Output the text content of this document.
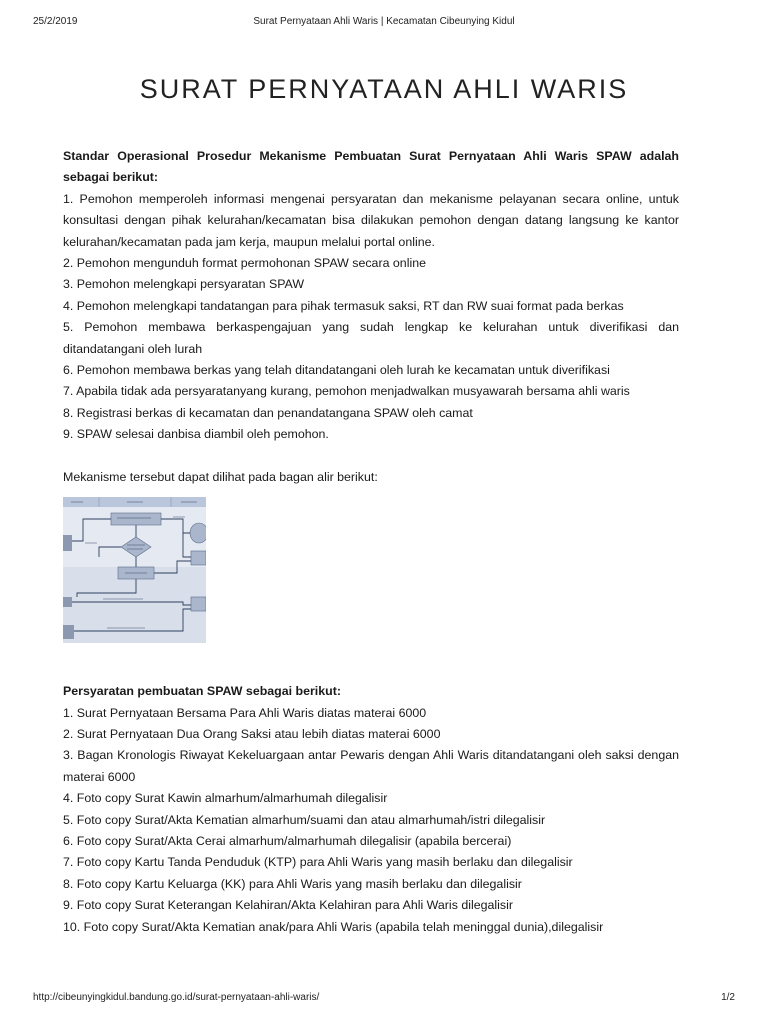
25/2/2019	Surat Pernyataan Ahli Waris | Kecamatan Cibeunying Kidul
SURAT PERNYATAAN AHLI WARIS

Standar Operasional Prosedur Mekanisme Pembuatan Surat Pernyataan Ahli Waris SPAW adalah sebagai berikut:

1. Pemohon memperoleh informasi mengenai persyaratan dan mekanisme pelayanan secara online, untuk konsultasi dengan pihak kelurahan/kecamatan bisa dilakukan pemohon dengan datang langsung ke kantor kelurahan/kecamatan pada jam kerja, maupun melalui portal online.

2. Pemohon mengunduh format permohonan SPAW secara online

3. Pemohon melengkapi persyaratan SPAW

4. Pemohon melengkapi tandatangan para pihak termasuk saksi, RT dan RW suai format pada berkas

5. Pemohon membawa berkaspengajuan yang sudah lengkap ke kelurahan untuk diverifikasi dan ditandatangani oleh lurah

6. Pemohon membawa berkas yang telah ditandatangani oleh lurah ke kecamatan untuk diverifikasi

7. Apabila tidak ada persyaratanyang kurang, pemohon menjadwalkan musyawarah bersama ahli waris

8. Registrasi berkas di kecamatan dan penandatangana SPAW oleh camat

9. SPAW selesai danbisa diambil oleh pemohon.

Mekanisme tersebut dapat dilihat pada bagan alir berikut:

Persyaratan pembuatan SPAW sebagai berikut:

1. Surat Pernyataan Bersama Para Ahli Waris diatas materai 6000

2. Surat Pernyataan Dua Orang Saksi atau lebih diatas materai 6000

3. Bagan Kronologis Riwayat Kekeluargaan antar Pewaris dengan Ahli Waris ditandatangani oleh saksi dengan materai 6000

4. Foto copy Surat Kawin almarhum/almarhumah dilegalisir

5. Foto copy Surat/Akta Kematian almarhum/suami dan atau almarhumah/istri dilegalisir

6. Foto copy Surat/Akta Cerai almarhum/almarhumah dilegalisir (apabila bercerai)

7. Foto copy Kartu Tanda Penduduk (KTP) para Ahli Waris yang masih berlaku dan dilegalisir

8. Foto copy Kartu Keluarga (KK) para Ahli Waris yang masih berlaku dan dilegalisir

9. Foto copy Surat Keterangan Kelahiran/Akta Kelahiran para Ahli Waris dilegalisir

10. Foto copy Surat/Akta Kematian anak/para Ahli Waris (apabila telah meninggal dunia),dilegalisir

http://cibeunyingkidul.bandung.go.id/surat-pernyataan-ahli-waris/	1/2
